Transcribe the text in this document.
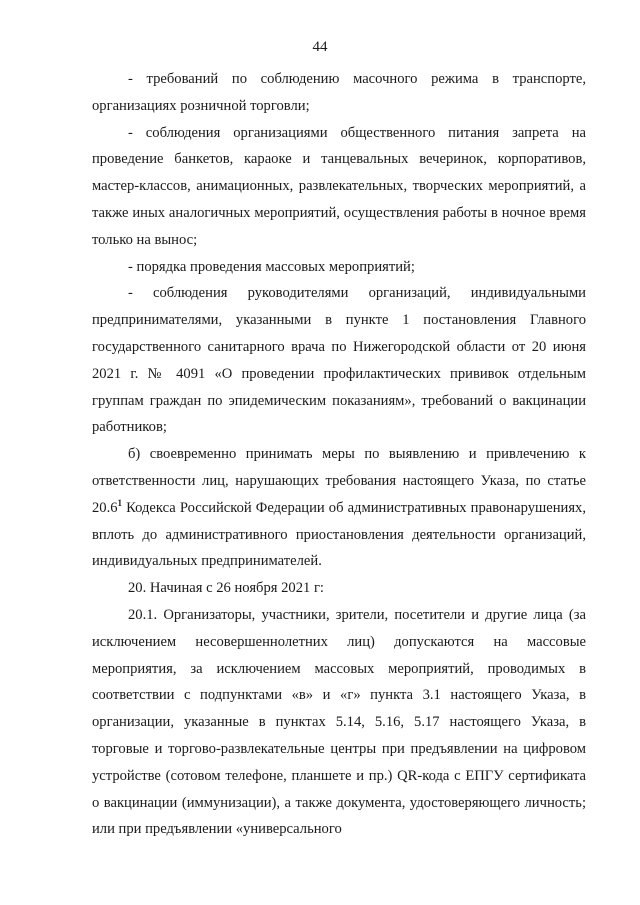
44

- требований по соблюдению масочного режима в транспорте, организациях розничной торговли;

- соблюдения организациями общественного питания запрета на проведение банкетов, караоке и танцевальных вечеринок, корпоративов, мастер-классов, анимационных, развлекательных, творческих мероприятий, а также иных аналогичных мероприятий, осуществления работы в ночное время только на вынос;

- порядка проведения массовых мероприятий;

- соблюдения руководителями организаций, индивидуальными предпринимателями, указанными в пункте 1 постановления Главного государственного санитарного врача по Нижегородской области от 20 июня 2021 г. № 4091 «О проведении профилактических прививок отдельным группам граждан по эпидемическим показаниям», требований о вакцинации работников;

б) своевременно принимать меры по выявлению и привлечению к ответственности лиц, нарушающих требования настоящего Указа, по статье 20.6$^1$ Кодекса Российской Федерации об административных правонарушениях, вплоть до административного приостановления деятельности организаций, индивидуальных предпринимателей.

20. Начиная с 26 ноября 2021 г:

20.1. Организаторы, участники, зрители, посетители и другие лица (за исключением несовершеннолетних лиц) допускаются на массовые мероприятия, за исключением массовых мероприятий, проводимых в соответствии с подпунктами «в» и «г» пункта 3.1 настоящего Указа, в организации, указанные в пунктах 5.14, 5.16, 5.17 настоящего Указа, в торговые и торгово-развлекательные центры при предъявлении на цифровом устройстве (сотовом телефоне, планшете и пр.) QR-кода с ЕПГУ сертификата о вакцинации (иммунизации), а также документа, удостоверяющего личность; или при предъявлении «универсального
